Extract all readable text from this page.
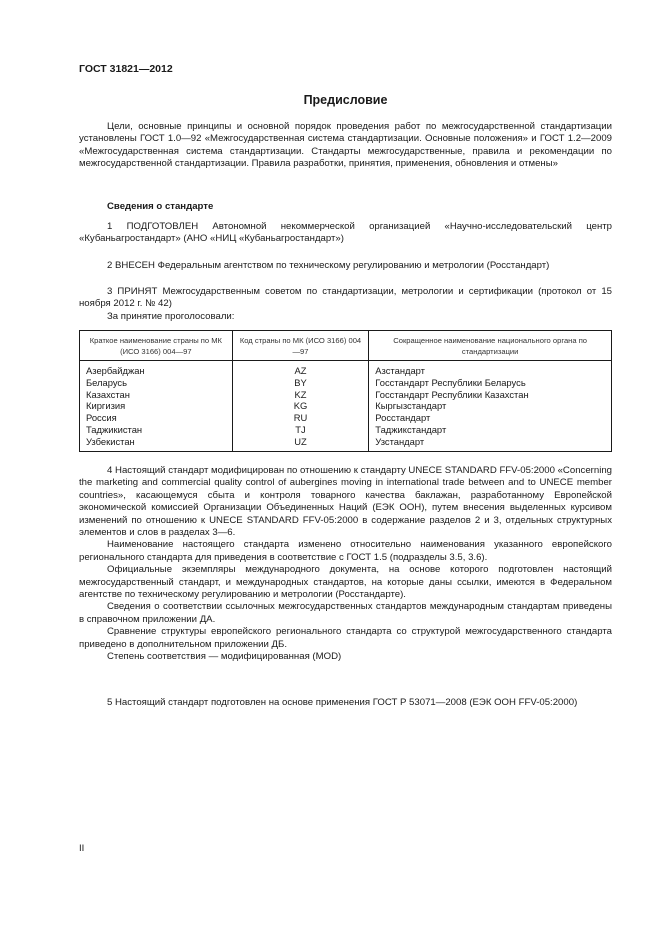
ГОСТ 31821—2012
Предисловие

Цели, основные принципы и основной порядок проведения работ по межгосударственной стандартизации установлены ГОСТ 1.0—92 «Межгосударственная система стандартизации. Основные положения» и ГОСТ 1.2—2009 «Межгосударственная система стандартизации. Стандарты межгосударственные, правила и рекомендации по межгосударственной стандартизации. Правила разработки, принятия, применения, обновления и отмены»

Сведения о стандарте

1 ПОДГОТОВЛЕН Автономной некоммерческой организацией «Научно-исследовательский центр «Кубаньагростандарт» (АНО «НИЦ «Кубаньагростандарт»)

2 ВНЕСЕН Федеральным агентством по техническому регулированию и метрологии (Росстандарт)

3 ПРИНЯТ Межгосударственным советом по стандартизации, метрологии и сертификации (протокол от 15 ноября 2012 г. № 42)

За принятие проголосовали:

Краткое наименование страны по МК (ИСО 3166) 004—97	Код страны по МК (ИСО 3166) 004—97	Сокращенное наименование национального органа по стандартизации
Азербайджан	AZ	Азстандарт
Беларусь	BY	Госстандарт Республики Беларусь
Казахстан	KZ	Госстандарт Республики Казахстан
Киргизия	KG	Кыргызстандарт
Россия	RU	Росстандарт
Таджикистан	TJ	Таджикстандарт
Узбекистан	UZ	Узстандарт

4 Настоящий стандарт модифицирован по отношению к стандарту UNECE STANDARD FFV-05:2000 «Concerning the marketing and commercial quality control of aubergines moving in international trade between and to UNECE member countries», касающемуся сбыта и контроля товарного качества баклажан, разработанному Европейской экономической комиссией Организации Объединенных Наций (ЕЭК ООН), путем внесения выделенных курсивом изменений по отношению к UNECE STANDARD FFV-05:2000 в содержание разделов 2 и 3, отдельных структурных элементов и слов в разделах 3—6.

Наименование настоящего стандарта изменено относительно наименования указанного европейского регионального стандарта для приведения в соответствие с ГОСТ 1.5 (подразделы 3.5, 3.6).

Официальные экземпляры международного документа, на основе которого подготовлен настоящий межгосударственный стандарт, и международных стандартов, на которые даны ссылки, имеются в Федеральном агентстве по техническому регулированию и метрологии (Росстандарте).

Сведения о соответствии ссылочных межгосударственных стандартов международным стандартам приведены в справочном приложении ДА.

Сравнение структуры европейского регионального стандарта со структурой межгосударственного стандарта приведено в дополнительном приложении ДБ.

Степень соответствия — модифицированная (MOD)

5 Настоящий стандарт подготовлен на основе применения ГОСТ Р 53071—2008 (ЕЭК ООН FFV-05:2000)

II
